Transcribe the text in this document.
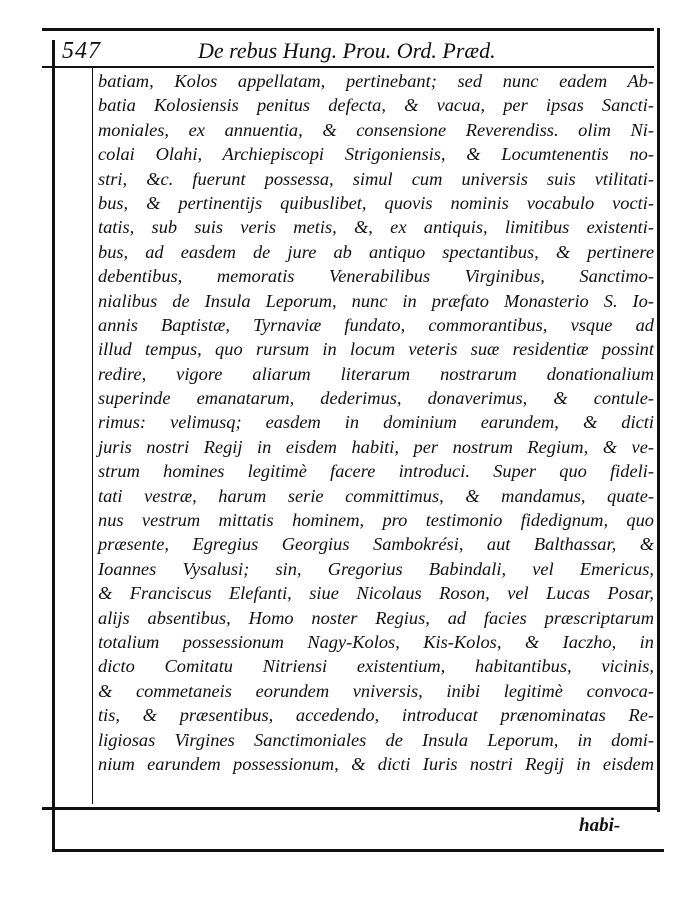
547	De rebus Hung. Prou. Ord. Præd.
batiam, Kolos appellatam, pertinebant; sed nunc eadem Ab-
batia Kolosiensis penitus defecta, & vacua, per ipsas Sancti-
moniales, ex annuentia, & consensione Reverendiss. olim Ni-
colai Olahi, Archiepiscopi Strigoniensis, & Locumtenentis no-
stri, &c. fuerunt possessa, simul cum universis suis vtilitati-
bus, & pertinentijs quibuslibet, quovis nominis vocabulo vocti-
tatis, sub suis veris metis, &, ex antiquis, limitibus existenti-
bus, ad easdem de jure ab antiquo spectantibus, & pertinere
debentibus, memoratis Venerabilibus Virginibus, Sanctimo-
nialibus de Insula Leporum, nunc in præfato Monasterio S. Io-
annis Baptistæ, Tyrnaviæ fundato, commorantibus, vsque ad
illud tempus, quo rursum in locum veteris suæ residentiæ possint
redire, vigore aliarum literarum nostrarum donationalium
superinde emanatarum, dederimus, donaverimus, & contule-
rimus: velimusq; easdem in dominium earundem, & dicti
juris nostri Regij in eisdem habiti, per nostrum Regium, & ve-
strum homines legitimè facere introduci. Super quo fideli-
tati vestræ, harum serie committimus, & mandamus, quate-
nus vestrum mittatis hominem, pro testimonio fidedignum, quo
præsente, Egregius Georgius Sambokrési, aut Balthassar, &
Ioannes Vysalusi; sin, Gregorius Babindali, vel Emericus,
& Franciscus Elefanti, siue Nicolaus Roson, vel Lucas Posar,
alijs absentibus, Homo noster Regius, ad facies præscriptarum
totalium possessionum Nagy-Kolos, Kis-Kolos, & Iaczho, in
dicto Comitatu Nitriensi existentium, habitantibus, vicinis,
& commetaneis eorundem vniversis, inibi legitimè convoca-
tis, & præsentibus, accedendo, introducat prænominatas Re-
ligiosas Virgines Sanctimoniales de Insula Leporum, in domi-
nium earundem possessionum, & dicti Iuris nostri Regij in eisdem
habi-
